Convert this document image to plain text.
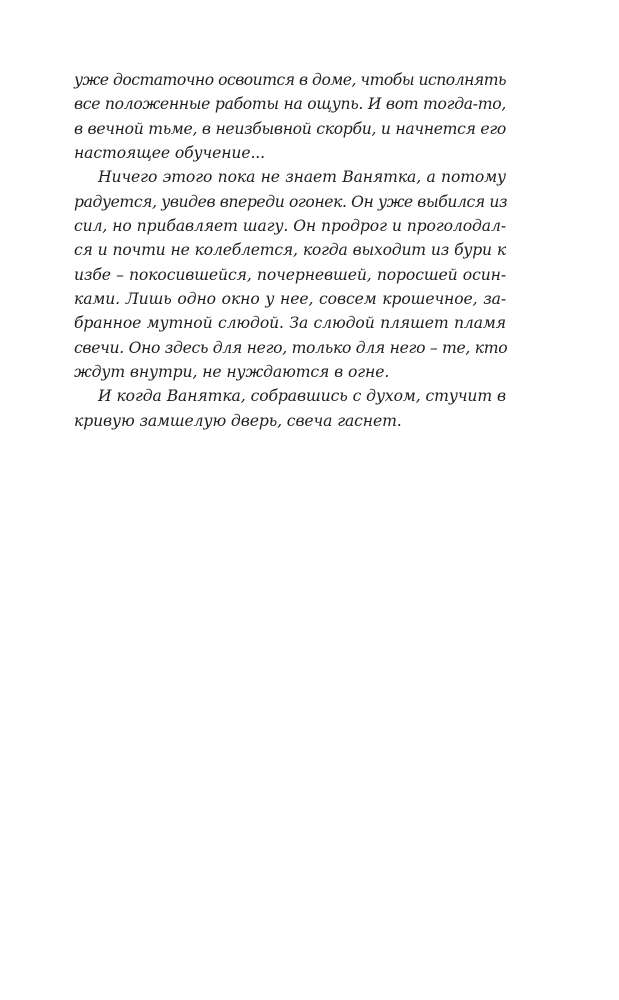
уже достаточно освоится в доме, чтобы исполнять
все положенные работы на ощупь. И вот тогда-то,
в вечной тьме, в неизбывной скорби, и начнется его
настоящее обучение...
Ничего этого пока не знает Ванятка, а потому
радуется, увидев впереди огонек. Он уже выбился из
сил, но прибавляет шагу. Он продрог и проголодал-
ся и почти не колеблется, когда выходит из бури к
избе – покосившейся, почерневшей, поросшей осин-
ками. Лишь одно окно у нее, совсем крошечное, за-
бранное мутной слюдой. За слюдой пляшет пламя
свечи. Оно здесь для него, только для него – те, кто
ждут внутри, не нуждаются в огне.
И когда Ванятка, собравшись с духом, стучит в
кривую замшелую дверь, свеча гаснет.
